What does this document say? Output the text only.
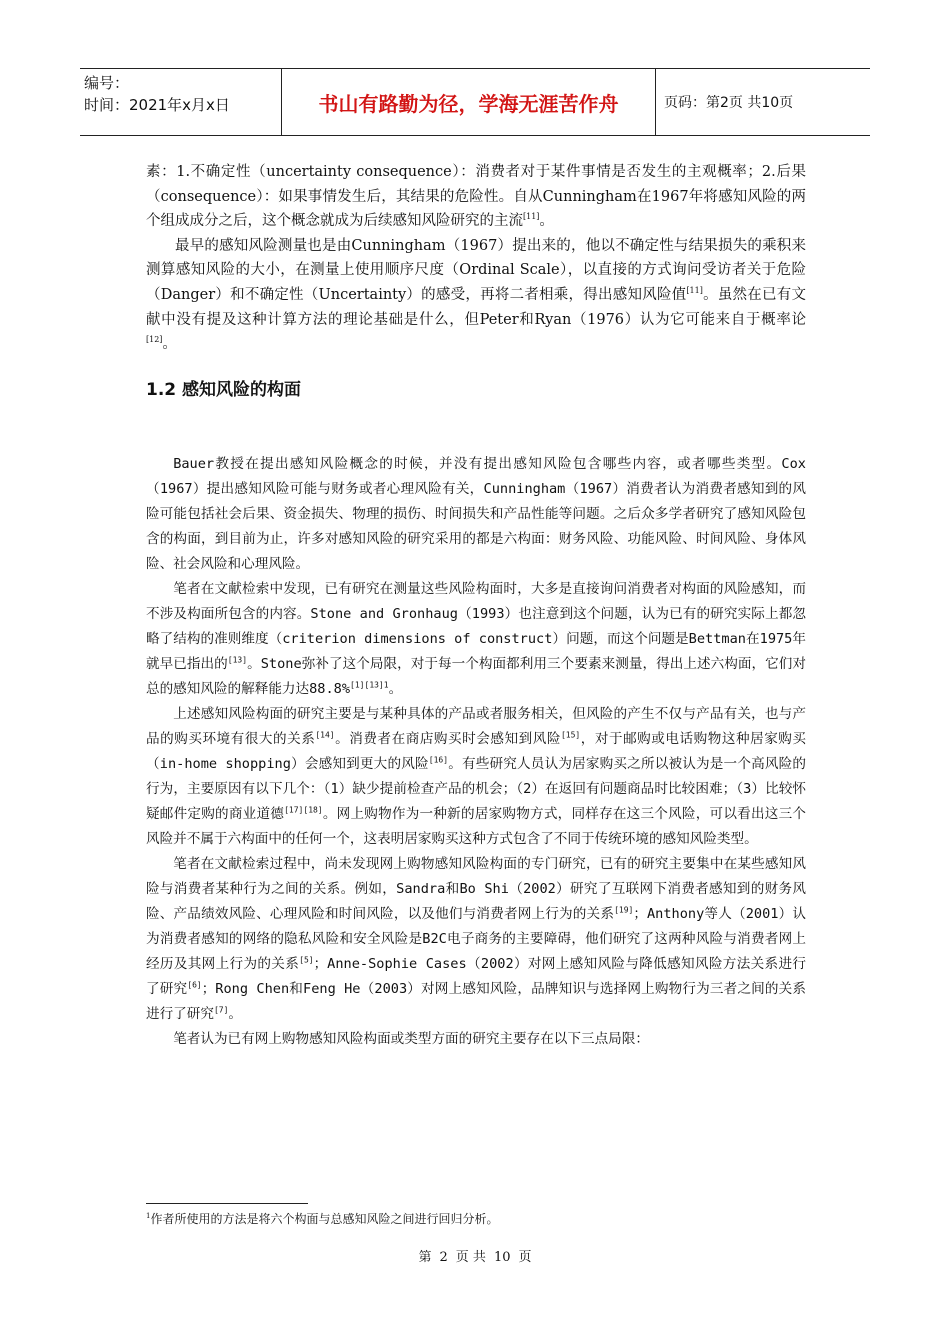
编号：
时间：2021年x月x日	书山有路勤为径，学海无涯苦作舟	页码：第2页 共10页

素：1.不确定性（uncertainty consequence）：消费者对于某件事情是否发生的主观概率；2.后果（consequence）：如果事情发生后，其结果的危险性。自从Cunningham在1967年将感知风险的两个组成成分之后，这个概念就成为后续感知风险研究的主流[11]。

最早的感知风险测量也是由Cunningham（1967）提出来的，他以不确定性与结果损失的乘积来测算感知风险的大小，在测量上使用顺序尺度（Ordinal Scale），以直接的方式询问受访者关于危险（Danger）和不确定性（Uncertainty）的感受，再将二者相乘，得出感知风险值[11]。虽然在已有文献中没有提及这种计算方法的理论基础是什么，但Peter和Ryan（1976）认为它可能来自于概率论[12]。

1.2 感知风险的构面

Bauer教授在提出感知风险概念的时候，并没有提出感知风险包含哪些内容，或者哪些类型。Cox（1967）提出感知风险可能与财务或者心理风险有关，Cunningham（1967）消费者认为消费者感知到的风险可能包括社会后果、资金损失、物理的损伤、时间损失和产品性能等问题。之后众多学者研究了感知风险包含的构面，到目前为止，许多对感知风险的研究采用的都是六构面：财务风险、功能风险、时间风险、身体风险、社会风险和心理风险。

笔者在文献检索中发现，已有研究在测量这些风险构面时，大多是直接询问消费者对构面的风险感知，而不涉及构面所包含的内容。Stone and Gronhaug（1993）也注意到这个问题，认为已有的研究实际上都忽略了结构的准则维度（criterion dimensions of construct）问题，而这个问题是Bettman在1975年就早已指出的[13]。Stone弥补了这个局限，对于每一个构面都利用三个要素来测量，得出上述六构面，它们对总的感知风险的解释能力达88.8%$^{[1][13]1}$。

上述感知风险构面的研究主要是与某种具体的产品或者服务相关，但风险的产生不仅与产品有关，也与产品的购买环境有很大的关系[14]。消费者在商店购买时会感知到风险[15]，对于邮购或电话购物这种居家购买（in-home shopping）会感知到更大的风险[16]。有些研究人员认为居家购买之所以被认为是一个高风险的行为，主要原因有以下几个：（1）缺少提前检查产品的机会；（2）在返回有问题商品时比较困难；（3）比较怀疑邮件定购的商业道德[17][18]。网上购物作为一种新的居家购物方式，同样存在这三个风险，可以看出这三个风险并不属于六构面中的任何一个，这表明居家购买这种方式包含了不同于传统环境的感知风险类型。

笔者在文献检索过程中，尚未发现网上购物感知风险构面的专门研究，已有的研究主要集中在某些感知风险与消费者某种行为之间的关系。例如，Sandra和Bo Shi（2002）研究了互联网下消费者感知到的财务风险、产品绩效风险、心理风险和时间风险，以及他们与消费者网上行为的关系[19]；Anthony等人（2001）认为消费者感知的网络的隐私风险和安全风险是B2C电子商务的主要障碍，他们研究了这两种风险与消费者网上经历及其网上行为的关系[5]；Anne-Sophie Cases（2002）对网上感知风险与降低感知风险方法关系进行了研究[6]；Rong Chen和Feng He（2003）对网上感知风险，品牌知识与选择网上购物行为三者之间的关系进行了研究[7]。

笔者认为已有网上购物感知风险构面或类型方面的研究主要存在以下三点局限：

$^1$作者所使用的方法是将六个构面与总感知风险之间进行回归分析。
第 2 页 共 10 页
